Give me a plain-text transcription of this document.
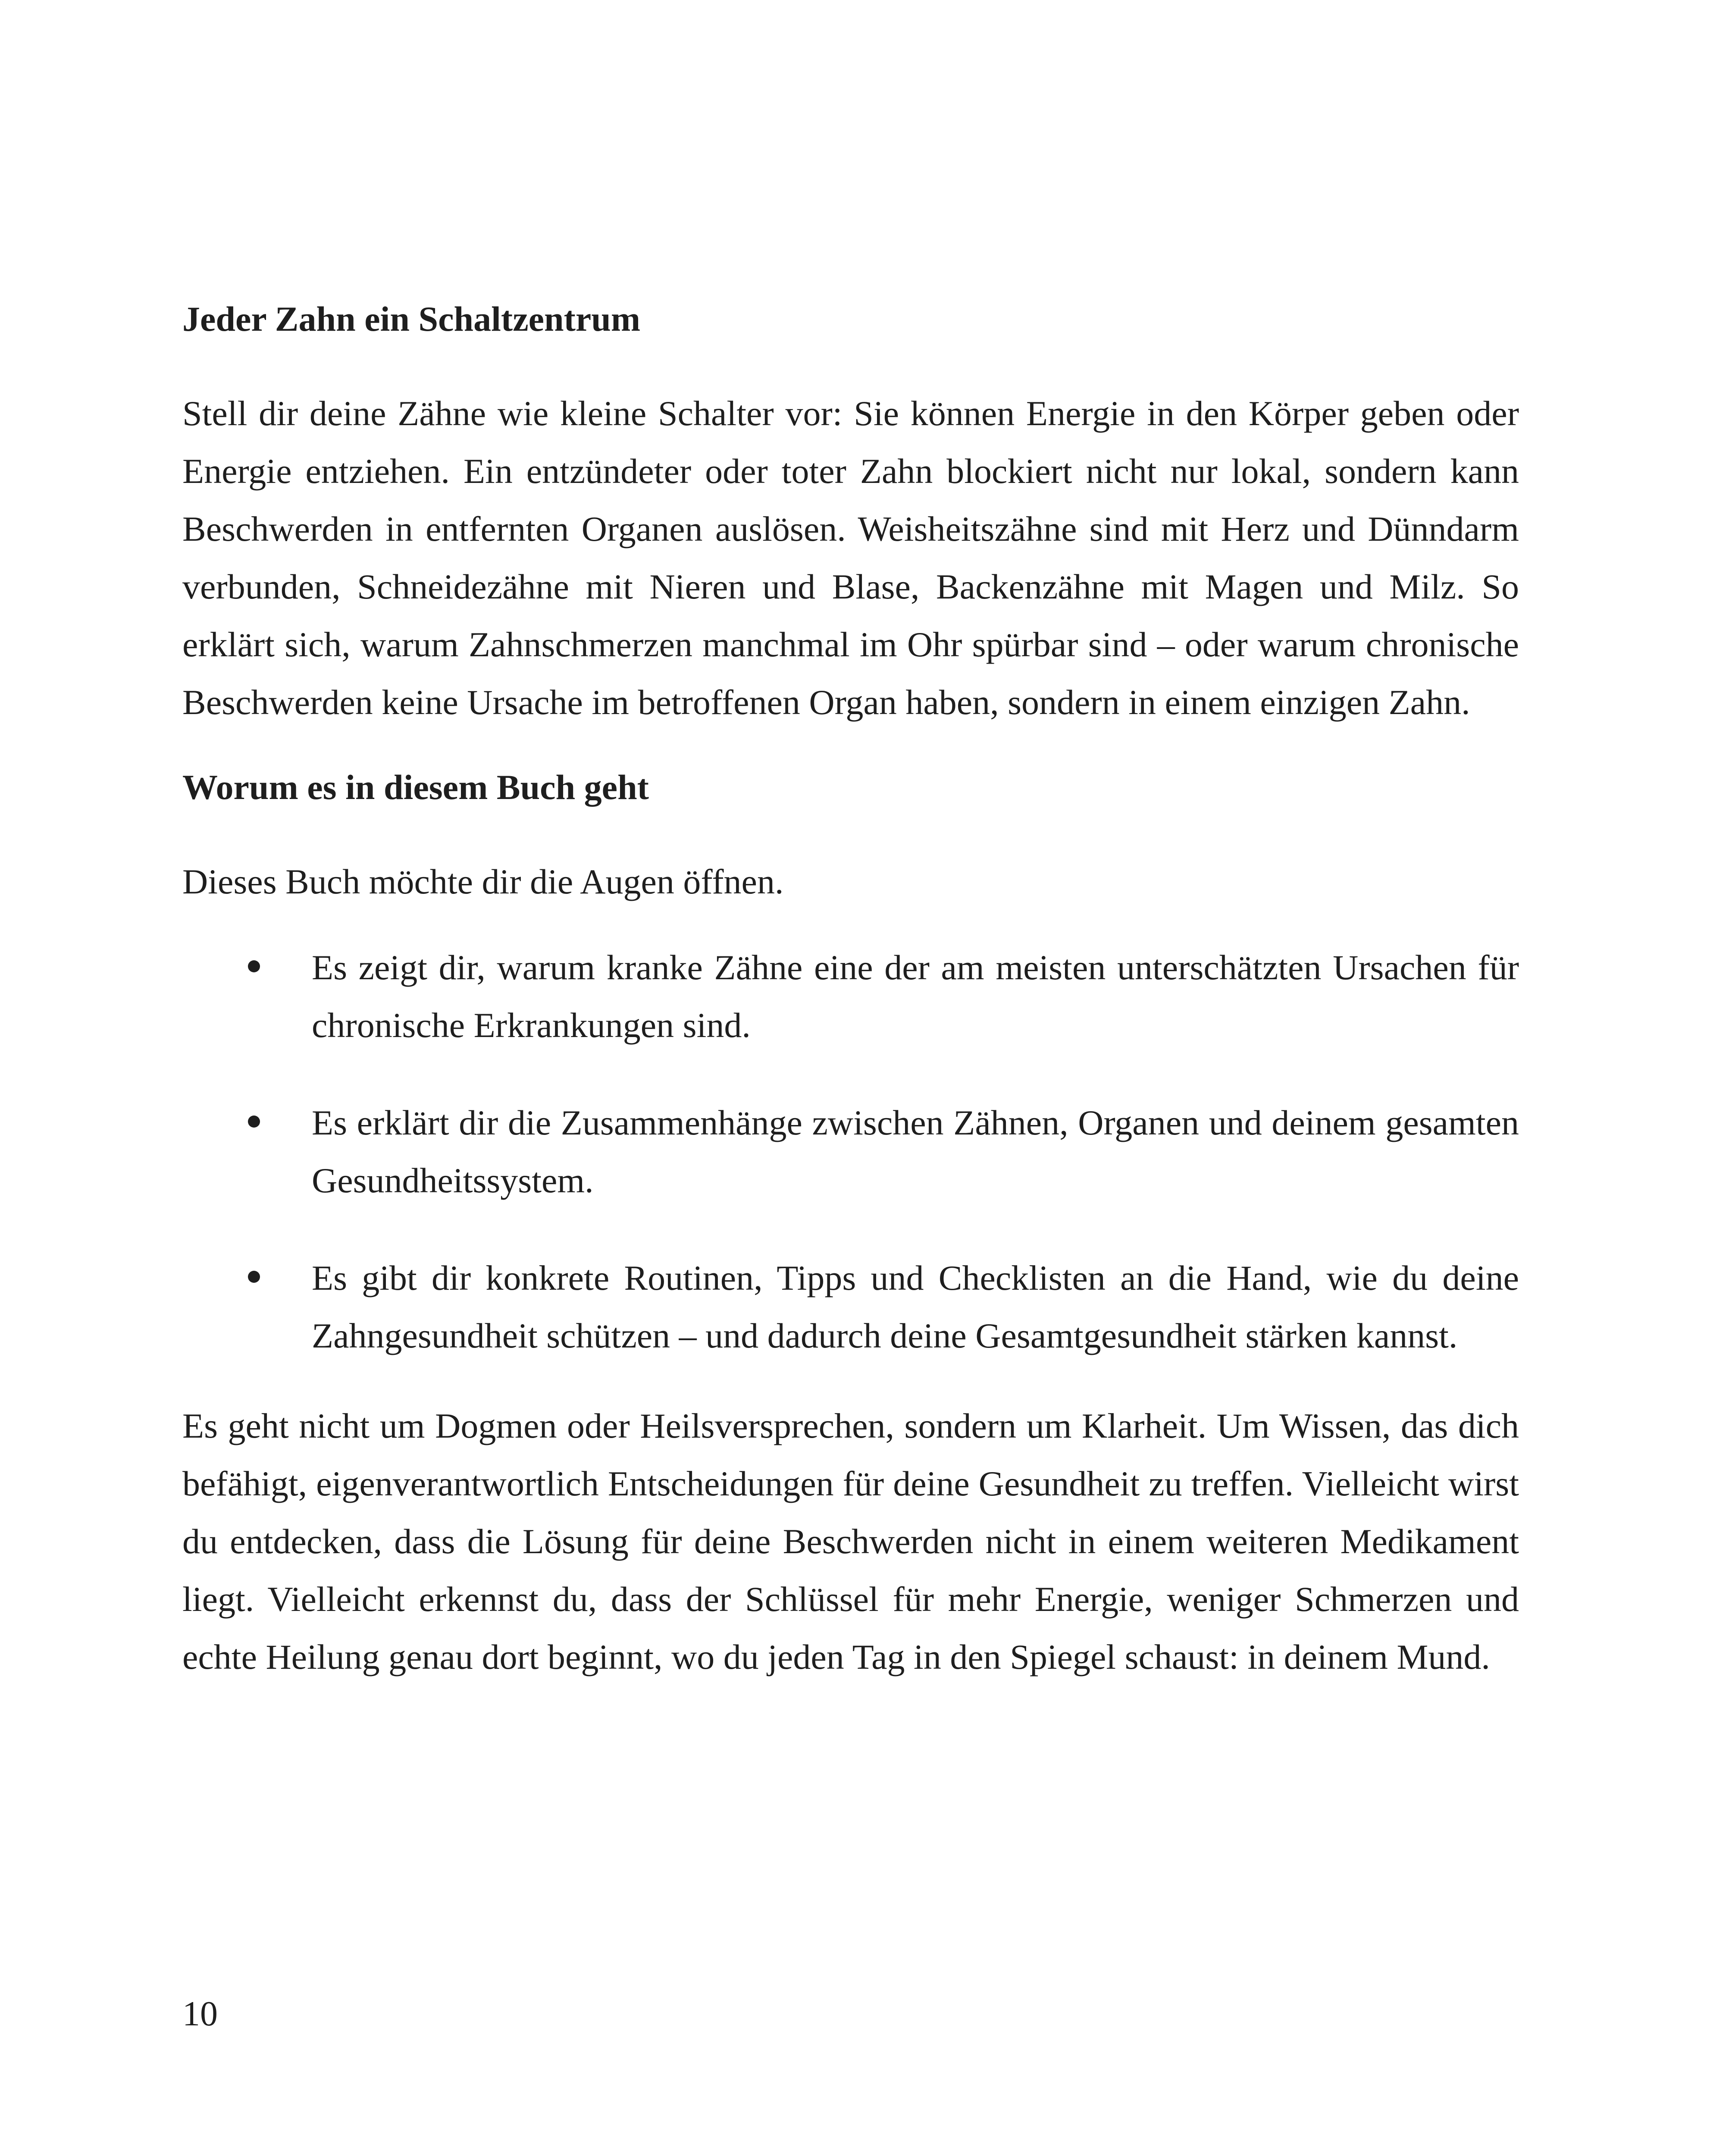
Jeder Zahn ein Schaltzentrum

Stell dir deine Zähne wie kleine Schalter vor: Sie können Energie in den Körper geben oder Energie entziehen. Ein entzündeter oder toter Zahn blockiert nicht nur lokal, sondern kann Beschwerden in entfernten Organen auslösen. Weisheitszähne sind mit Herz und Dünndarm verbunden, Schneidezähne mit Nieren und Blase, Backenzähne mit Magen und Milz. So erklärt sich, warum Zahnschmerzen manchmal im Ohr spürbar sind – oder warum chronische Beschwerden keine Ursache im betroffenen Organ haben, sondern in einem einzigen Zahn.

Worum es in diesem Buch geht

Dieses Buch möchte dir die Augen öffnen.

Es zeigt dir, warum kranke Zähne eine der am meisten unterschätzten Ursachen für chronische Erkrankungen sind.
Es erklärt dir die Zusammenhänge zwischen Zähnen, Organen und deinem gesamten Gesundheitssystem.
Es gibt dir konkrete Routinen, Tipps und Checklisten an die Hand, wie du deine Zahngesundheit schützen – und dadurch deine Gesamtgesundheit stärken kannst.

Es geht nicht um Dogmen oder Heilsversprechen, sondern um Klarheit. Um Wissen, das dich befähigt, eigenverantwortlich Entscheidungen für deine Gesundheit zu treffen. Vielleicht wirst du entdecken, dass die Lösung für deine Beschwerden nicht in einem weiteren Medikament liegt. Vielleicht erkennst du, dass der Schlüssel für mehr Energie, weniger Schmerzen und echte Heilung genau dort beginnt, wo du jeden Tag in den Spiegel schaust: in deinem Mund.

10
